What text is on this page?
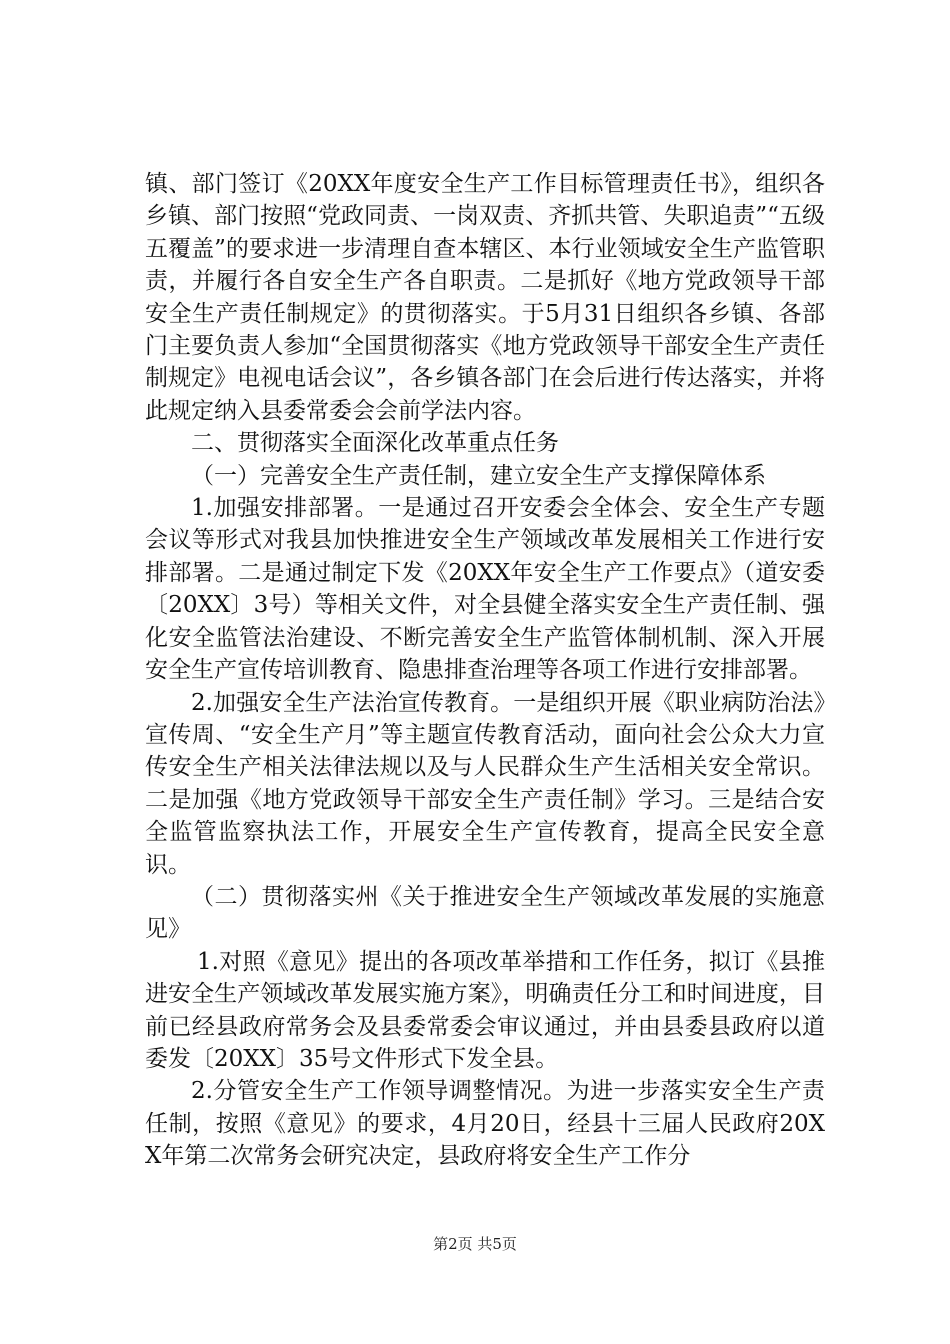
镇、部门签订《20XX年度安全生产工作目标管理责任书》，组织各乡镇、部门按照“党政同责、一岗双责、齐抓共管、失职追责”“五级五覆盖”的要求进一步清理自查本辖区、本行业领域安全生产监管职责，并履行各自安全生产各自职责。二是抓好《地方党政领导干部安全生产责任制规定》的贯彻落实。于5月31日组织各乡镇、各部门主要负责人参加“全国贯彻落实《地方党政领导干部安全生产责任制规定》电视电话会议”，各乡镇各部门在会后进行传达落实，并将此规定纳入县委常委会会前学法内容。

二、贯彻落实全面深化改革重点任务

（一）完善安全生产责任制，建立安全生产支撑保障体系

1.加强安排部署。一是通过召开安委会全体会、安全生产专题会议等形式对我县加快推进安全生产领域改革发展相关工作进行安排部署。二是通过制定下发《20XX年安全生产工作要点》（道安委〔20XX〕3号）等相关文件，对全县健全落实安全生产责任制、强化安全监管法治建设、不断完善安全生产监管体制机制、深入开展安全生产宣传培训教育、隐患排查治理等各项工作进行安排部署。

2.加强安全生产法治宣传教育。一是组织开展《职业病防治法》宣传周、“安全生产月”等主题宣传教育活动，面向社会公众大力宣传安全生产相关法律法规以及与人民群众生产生活相关安全常识。二是加强《地方党政领导干部安全生产责任制》学习。三是结合安全监管监察执法工作，开展安全生产宣传教育，提高全民安全意识。

（二）贯彻落实州《关于推进安全生产领域改革发展的实施意见》

1.对照《意见》提出的各项改革举措和工作任务，拟订《县推进安全生产领域改革发展实施方案》，明确责任分工和时间进度，目前已经县政府常务会及县委常委会审议通过，并由县委县政府以道委发〔20XX〕35号文件形式下发全县。

2.分管安全生产工作领导调整情况。为进一步落实安全生产责任制，按照《意见》的要求，4月20日，经县十三届人民政府20XX年第二次常务会研究决定，县政府将安全生产工作分

第2页 共5页
